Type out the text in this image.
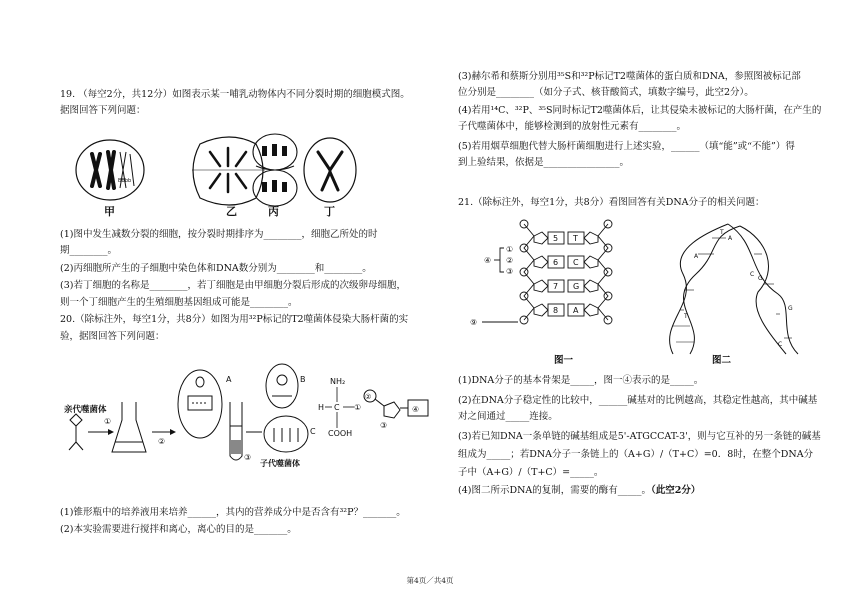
19. （每空2分，共12分）如图表示某一哺乳动物体内不同分裂时期的细胞模式图。
据图回答下列问题：
BBbb
甲	乙	丙	丁
(1)图中发生减数分裂的细胞，按分裂时期排序为________，细胞乙所处的时
期________。
(2)丙细胞所产生的子细胞中染色体和DNA数分别为________和________。
(3)若丁细胞的名称是________，若丁细胞是由甲细胞分裂后形成的次级卵母细胞，
则一个丁细胞产生的生殖细胞基因组成可能是________。
20.（除标注外，每空1分，共8分）如图为用³²P标记的T2噬菌体侵染大肠杆菌的实
验，据图回答下列问题：
亲代噬菌体
①
②
A
③
B
C
子代噬菌体
NH₂
H C
COOH
①
②
③
④
(1)锥形瓶中的培养液用来培养______，其内的营养成分中是否含有³²P？_______。
(2)本实验需要进行搅拌和离心，离心的目的是_______。
(3)赫尔希和蔡斯分别用³⁵S和³²P标记T2噬菌体的蛋白质和DNA，参照图被标记部
位分别是________（如分子式、核苷酸简式，填数字编号，此空2分）。
(4)若用¹⁴C、³²P、³⁵S同时标记T2噬菌体后，让其侵染未被标记的大肠杆菌，在产生的
子代噬菌体中，能够检测到的放射性元素有________。
(5)若用烟草细胞代替大肠杆菌细胞进行上述实验，______（填“能”或“不能”）得
到上验结果，依据是________________。
21.（除标注外，每空1分，共8分）看图回答有关DNA分子的相关问题：
5
6
7
8
T
C
G
A
④
①
②
③
⑨
T
A
C
G
A
T
G
C
图一	图二
(1)DNA分子的基本骨架是_____，图一④表示的是_____。
(2)在DNA分子稳定性的比较中，______碱基对的比例越高，其稳定性越高，其中碱基
对之间通过_____连接。
(3)若已知DNA一条单链的碱基组成是5'-ATGCCAT-3'，则与它互补的另一条链的碱基
组成为_____；若DNA分子一条链上的（A+G）/（T+C）=0．8时，在整个DNA分
子中（A+G）/（T+C）=_____。
(4)图二所示DNA的复制，需要的酶有_____。（此空2分）
第4页／共4页
